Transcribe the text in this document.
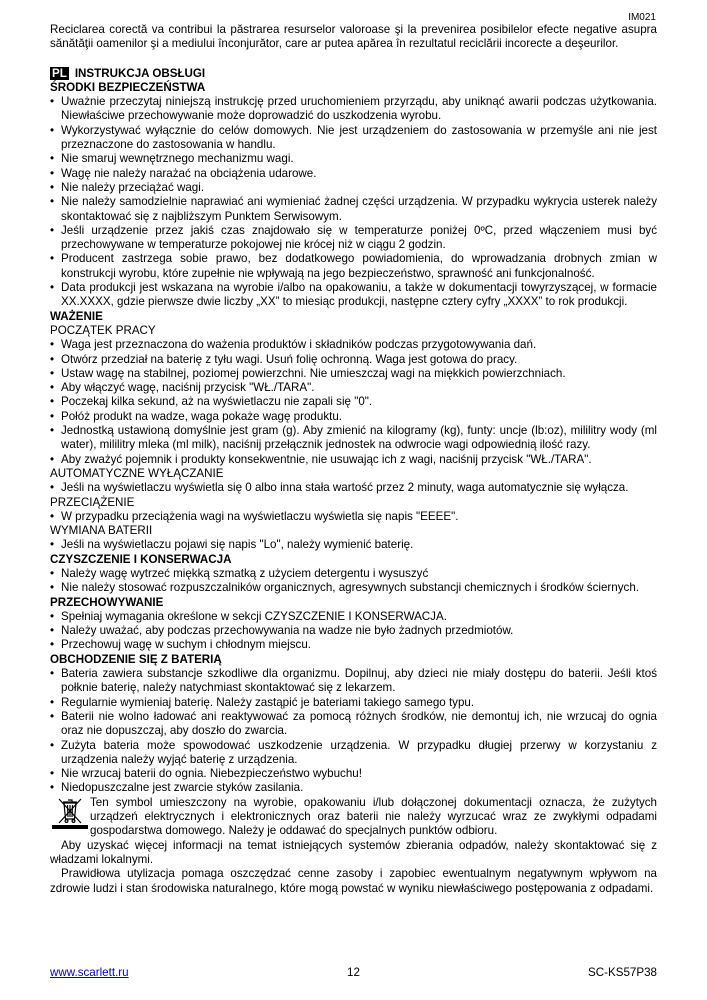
IM021

Reciclarea corectă va contribui la păstrarea resurselor valoroase şi la prevenirea posibilelor efecte negative asupra sănătăţii oamenilor şi a mediului înconjurător, care ar putea apărea în rezultatul reciclării incorecte a deşeurilor.

PL INSTRUKCJA OBSŁUGI
ŚRODKI BEZPIECZEŃSTWA
• Uważnie przeczytaj niniejszą instrukcję przed uruchomieniem przyrządu, aby uniknąć awarii podczas użytkowania. Niewłaściwe przechowywanie może doprowadzić do uszkodzenia wyrobu.
• Wykorzystywać wyłącznie do celów domowych. Nie jest urządzeniem do zastosowania w przemyśle ani nie jest przeznaczone do zastosowania w handlu.
• Nie smaruj wewnętrznego mechanizmu wagi.
• Wagę nie należy narażać na obciążenia udarowe.
• Nie należy przeciążać wagi.
• Nie należy samodzielnie naprawiać ani wymieniać żadnej części urządzenia. W przypadku wykrycia usterek należy skontaktować się z najbliższym Punktem Serwisowym.
• Jeśli urządzenie przez jakiś czas znajdowało się w temperaturze poniżej 0ºC, przed włączeniem musi być przechowywane w temperaturze pokojowej nie krócej niż w ciągu 2 godzin.
• Producent zastrzega sobie prawo, bez dodatkowego powiadomienia, do wprowadzania drobnych zmian w konstrukcji wyrobu, które zupełnie nie wpływają na jego bezpieczeństwo, sprawność ani funkcjonalność.
• Data produkcji jest wskazana na wyrobie i/albo na opakowaniu, a także w dokumentacji towyrzyszącej, w formacie XX.XXXX, gdzie pierwsze dwie liczby „XX” to miesiąc produkcji, następne cztery cyfry „XXXX” to rok produkcji.
WAŻENIE
POCZĄTEK PRACY
• Waga jest przeznaczona do ważenia produktów i składników podczas przygotowywania dań.
• Otwórz przedział na baterię z tyłu wagi. Usuń folię ochronną. Waga jest gotowa do pracy.
• Ustaw wagę na stabilnej, poziomej powierzchni. Nie umieszczaj wagi na miękkich powierzchniach.
• Aby włączyć wagę, naciśnij przycisk "WŁ./TARA".
• Poczekaj kilka sekund, aż na wyświetlaczu nie zapali się "0".
• Połóż produkt na wadze, waga pokaże wagę produktu.
• Jednostką ustawioną domyślnie jest gram (g). Aby zmienić na kilogramy (kg), funty: uncje (lb:oz), mililitry wody (ml water), mililitry mleka (ml milk), naciśnij przełącznik jednostek na odwrocie wagi odpowiednią ilość razy.
• Aby zważyć pojemnik i produkty konsekwentnie, nie usuwając ich z wagi, naciśnij przycisk "WŁ./TARA".
AUTOMATYCZNE WYŁĄCZANIE
• Jeśli na wyświetlaczu wyświetla się 0 albo inna stała wartość przez 2 minuty, waga automatycznie się wyłącza.
PRZECIĄŻENIE
• W przypadku przeciążenia wagi na wyświetlaczu wyświetla się napis "EEEE".
WYMIANA BATERII
• Jeśli na wyświetlaczu pojawi się napis "Lo", należy wymienić baterię.
CZYSZCZENIE I KONSERWACJA
• Należy wagę wytrzeć miękką szmatką z użyciem detergentu i wysuszyć
• Nie należy stosować rozpuszczalników organicznych, agresywnych substancji chemicznych i środków ściernych.
PRZECHOWYWANIE
• Spełniaj wymagania określone w sekcji CZYSZCZENIE I KONSERWACJA.
• Należy uważać, aby podczas przechowywania na wadze nie było żadnych przedmiotów.
• Przechowuj wagę w suchym i chłodnym miejscu.
OBCHODZENIE SIĘ Z BATERIĄ
• Bateria zawiera substancje szkodliwe dla organizmu. Dopilnuj, aby dzieci nie miały dostępu do baterii. Jeśli ktoś połknie baterię, należy natychmiast skontaktować się z lekarzem.
• Regularnie wymieniaj baterię. Należy zastąpić je bateriami takiego samego typu.
• Baterii nie wolno ładować ani reaktywować za pomocą różnych środków, nie demontuj ich, nie wrzucaj do ognia oraz nie dopuszczaj, aby doszło do zwarcia.
• Zużyta bateria może spowodować uszkodzenie urządzenia. W przypadku długiej przerwy w korzystaniu z urządzenia należy wyjąć baterię z urządzenia.
• Nie wrzucaj baterii do ognia. Niebezpieczeństwo wybuchu!
• Niedopuszczalne jest zwarcie styków zasilania.

Ten symbol umieszczony na wyrobie, opakowaniu i/lub dołączonej dokumentacji oznacza, że zużytych urządzeń elektrycznych i elektronicznych oraz baterii nie należy wyrzucać wraz ze zwykłymi odpadami gospodarstwa domowego. Należy je oddawać do specjalnych punktów odbioru.

Aby uzyskać więcej informacji na temat istniejących systemów zbierania odpadów, należy skontaktować się z władzami lokalnymi.

Prawidłowa utylizacja pomaga oszczędzać cenne zasoby i zapobiec ewentualnym negatywnym wpływom na zdrowie ludzi i stan środowiska naturalnego, które mogą powstać w wyniku niewłaściwego postępowania z odpadami.

www.scarlett.ru	12	SC-KS57P38
